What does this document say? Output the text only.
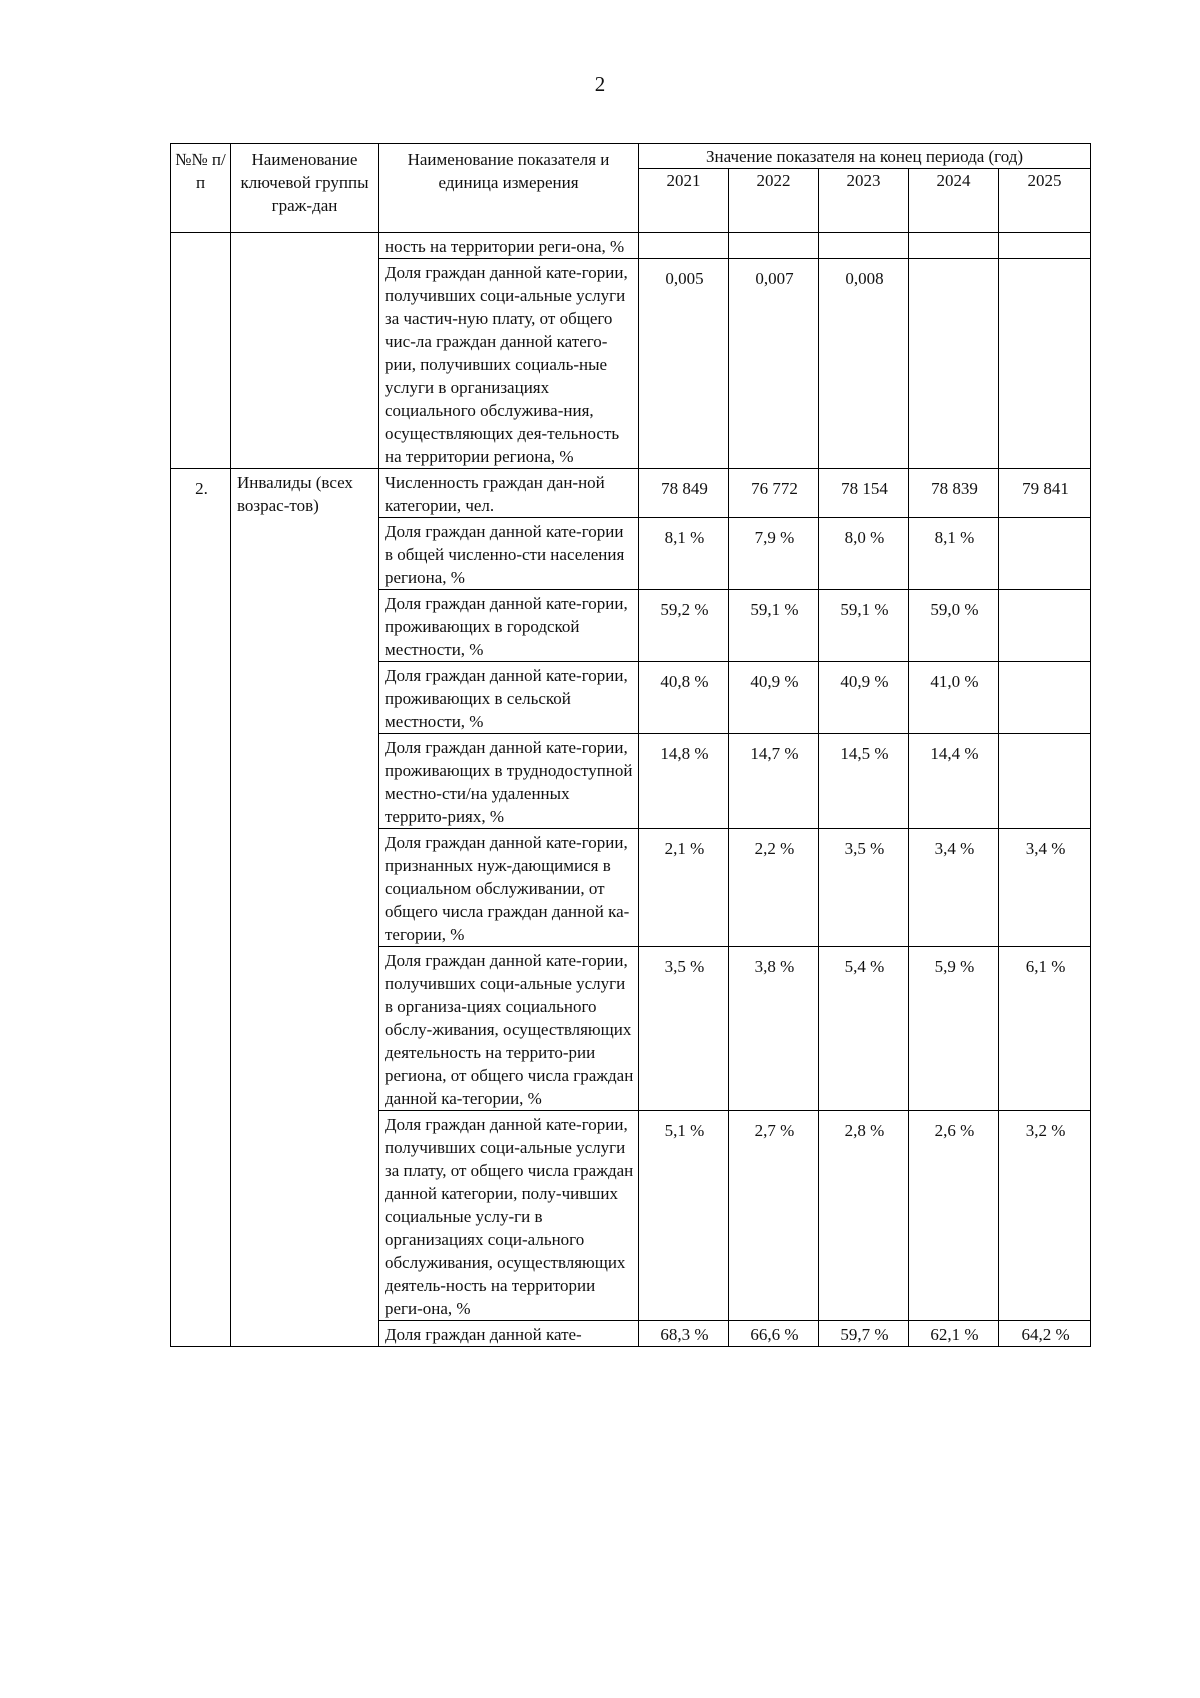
2
№№ п/п	Наименование ключевой группы граж-дан	Наименование показателя и единица измерения	Значение показателя на конец периода (год)				
			2021	2022	2023	2024	2025
		ность на территории реги-она, %					
		Доля граждан данной кате-гории, получивших соци-альные услуги за частич-ную плату, от общего чис-ла граждан данной катего-рии, получивших социаль-ные услуги в организациях социального обслужива-ния, осуществляющих дея-тельность на территории региона, %	0,005	0,007	0,008		
2.	Инвалиды (всех возрас-тов)	Численность граждан дан-ной категории, чел.	78 849	76 772	78 154	78 839	79 841
		Доля граждан данной кате-гории в общей численно-сти населения региона, %	8,1 %	7,9 %	8,0 %	8,1 %	
		Доля граждан данной кате-гории, проживающих в городской местности, %	59,2 %	59,1 %	59,1 %	59,0 %	
		Доля граждан данной кате-гории, проживающих в сельской местности, %	40,8 %	40,9 %	40,9 %	41,0 %	
		Доля граждан данной кате-гории, проживающих в труднодоступной местно-сти/на удаленных террито-риях, %	14,8 %	14,7 %	14,5 %	14,4 %	
		Доля граждан данной кате-гории, признанных нуж-дающимися в социальном обслуживании, от общего числа граждан данной ка-тегории, %	2,1 %	2,2 %	3,5 %	3,4 %	3,4 %
		Доля граждан данной кате-гории, получивших соци-альные услуги в организа-циях социального обслу-живания, осуществляющих деятельность на террито-рии региона, от общего числа граждан данной ка-тегории, %	3,5 %	3,8 %	5,4 %	5,9 %	6,1 %
		Доля граждан данной кате-гории, получивших соци-альные услуги за плату, от общего числа граждан данной категории, полу-чивших социальные услу-ги в организациях соци-ального обслуживания, осуществляющих деятель-ность на территории реги-она, %	5,1 %	2,7 %	2,8 %	2,6 %	3,2 %
		Доля граждан данной кате-	68,3 %	66,6 %	59,7 %	62,1 %	64,2 %
